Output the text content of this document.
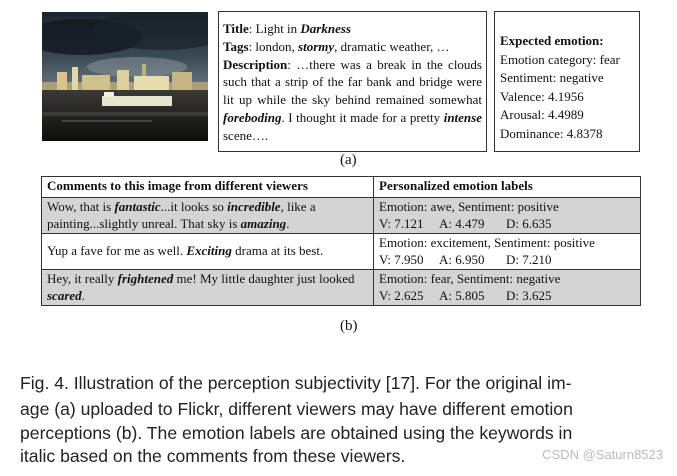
Title: Light in Darkness
Tags: london, stormy, dramatic weather, …
Description: …there was a break in the clouds such that a strip of the far bank and bridge were lit up while the sky behind remained somewhat foreboding. I thought it made for a pretty intense scene….
Expected emotion:
Emotion category: fear
Sentiment: negative
Valence: 4.1956
Arousal: 4.4989
Dominance: 4.8378
(a)
Comments to this image from different viewers	Personalized emotion labels
Wow, that is fantastic...it looks so incredible, like a painting...slightly unreal. That sky is amazing.	Emotion: awe, Sentiment: positive
V: 7.121 A: 4.479 D: 6.635

Yup a fave for me as well. Exciting drama at its best.	Emotion: excitement, Sentiment: positive
V: 7.950 A: 6.950 D: 7.210

Hey, it really frightened me! My little daughter just looked scared.	Emotion: fear, Sentiment: negative
V: 2.625 A: 5.805 D: 3.625
(b)
Fig. 4. Illustration of the perception subjectivity [17]. For the original im-
age (a) uploaded to Flickr, different viewers may have different emotion
perceptions (b). The emotion labels are obtained using the keywords in
italic based on the comments from these viewers.	CSDN @Saturn8523
